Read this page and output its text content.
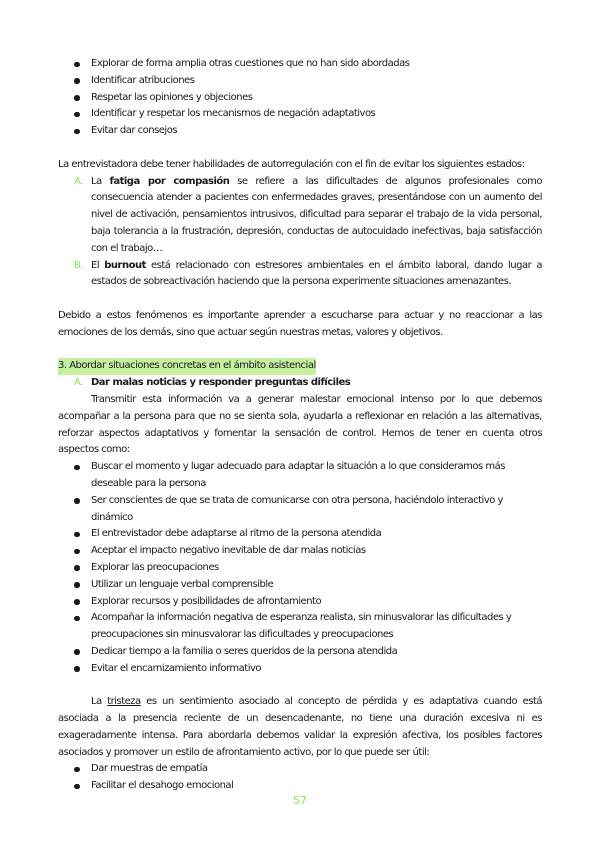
Explorar de forma amplia otras cuestiones que no han sido abordadas
Identificar atribuciones
Respetar las opiniones y objeciones
Identificar y respetar los mecanismos de negación adaptativos
Evitar dar consejos

La entrevistadora debe tener habilidades de autorregulación con el fin de evitar los siguientes estados:

A. La fatiga por compasión se refiere a las dificultades de algunos profesionales como consecuencia atender a pacientes con enfermedades graves, presentándose con un aumento del nivel de activación, pensamientos intrusivos, dificultad para separar el trabajo de la vida personal, baja tolerancia a la frustración, depresión, conductas de autocuidado inefectivas, baja satisfacción con el trabajo…
B. El burnout está relacionado con estresores ambientales en el ámbito laboral, dando lugar a estados de sobreactivación haciendo que la persona experimente situaciones amenazantes.

Debido a estos fenómenos es importante aprender a escucharse para actuar y no reaccionar a las emociones de los demás, sino que actuar según nuestras metas, valores y objetivos.

3. Abordar situaciones concretas en el ámbito asistencial
A. Dar malas noticias y responder preguntas difíciles

Transmitir esta información va a generar malestar emocional intenso por lo que debemos acompañar a la persona para que no se sienta sola, ayudarla a reflexionar en relación a las alternativas, reforzar aspectos adaptativos y fomentar la sensación de control. Hemos de tener en cuenta otros aspectos como:

Buscar el momento y lugar adecuado para adaptar la situación a lo que consideramos más deseable para la persona
Ser conscientes de que se trata de comunicarse con otra persona, haciéndolo interactivo y dinámico
El entrevistador debe adaptarse al ritmo de la persona atendida
Aceptar el impacto negativo inevitable de dar malas noticias
Explorar las preocupaciones
Utilizar un lenguaje verbal comprensible
Explorar recursos y posibilidades de afrontamiento
Acompañar la información negativa de esperanza realista, sin minusvalorar las dificultades y preocupaciones sin minusvalorar las dificultades y preocupaciones
Dedicar tiempo a la familia o seres queridos de la persona atendida
Evitar el encarnizamiento informativo

La tristeza es un sentimiento asociado al concepto de pérdida y es adaptativa cuando está asociada a la presencia reciente de un desencadenante, no tiene una duración excesiva ni es exageradamente intensa. Para abordarla debemos validar la expresión afectiva, los posibles factores asociados y promover un estilo de afrontamiento activo, por lo que puede ser útil:

Dar muestras de empatía
Facilitar el desahogo emocional
57
